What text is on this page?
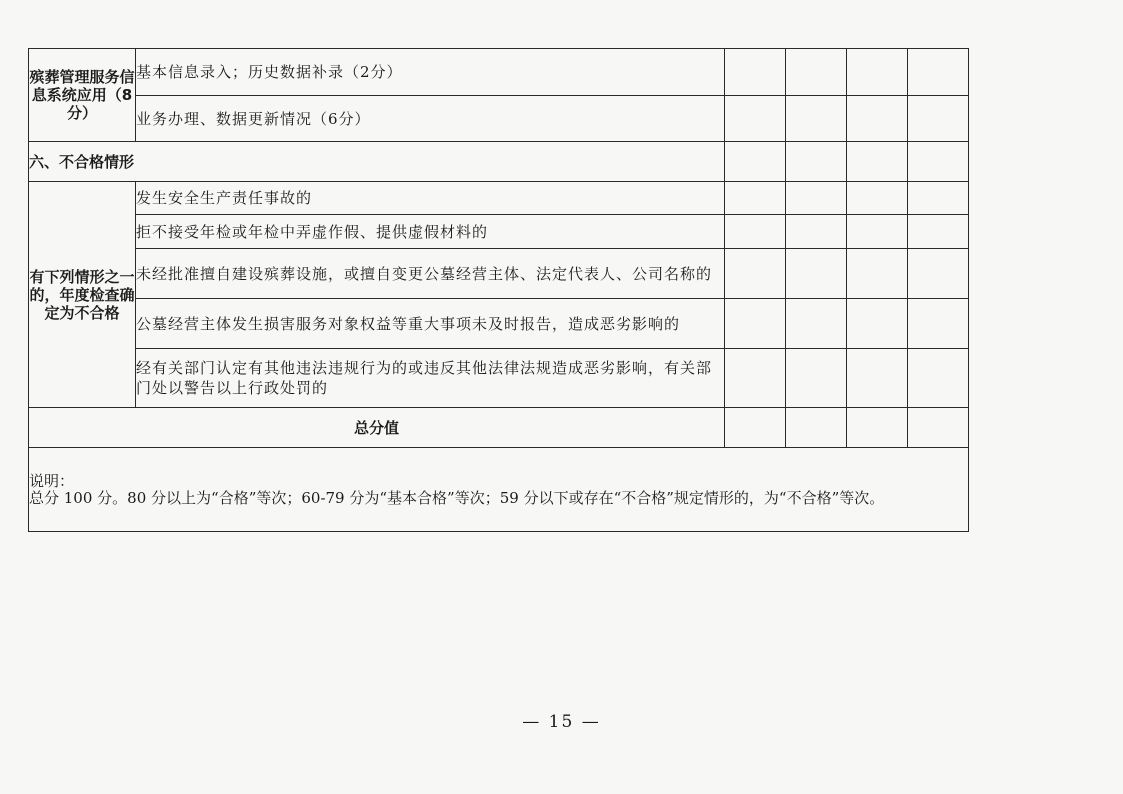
殡葬管理服务信息系统应用（8分）	基本信息录入；历史数据补录（2分）				
	业务办理、数据更新情况（6分）				
六、不合格情形					
有下列情形之一的，年度检查确定为不合格	发生安全生产责任事故的				
	拒不接受年检或年检中弄虚作假、提供虚假材料的				
	未经批准擅自建设殡葬设施，或擅自变更公墓经营主体、法定代表人、公司名称的				
	公墓经营主体发生损害服务对象权益等重大事项未及时报告，造成恶劣影响的				
	经有关部门认定有其他违法违规行为的或违反其他法律法规造成恶劣影响，有关部门处以警告以上行政处罚的				
总分值					

说明：
总分 100 分。80 分以上为“合格”等次；60-79 分为“基本合格”等次；59 分以下或存在“不合格”规定情形的，为“不合格”等次。					
— 15 —
